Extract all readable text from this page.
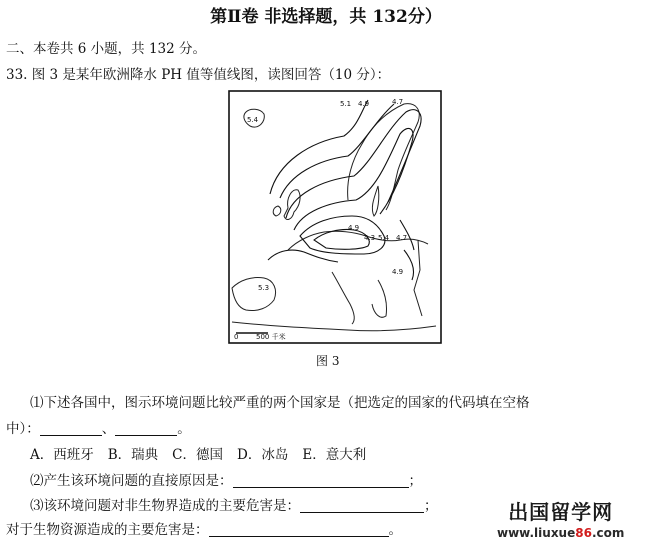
第Ⅱ卷 非选择题，共 132分）
二、本卷共 6 小题，共 132 分。
33. 图 3 是某年欧洲降水 PH 值等值线图，读图回答（10 分）：
5.1 4.9	4.7
5.4
4.9
4.3 5.4 4.7
4.9
5.3
0	500 千米
图 3
⑴下述各国中，图示环境问题比较严重的两个国家是（把选定的国家的代码填在空格
中）：	、	。
A．西班牙 B．瑞典 C．德国 D．冰岛 E．意大利
⑵产生该环境问题的直接原因是：	；
⑶该环境问题对非生物界造成的主要危害是：	；
对于生物资源造成的主要危害是：	。
出国留学网
www.liuxue86.com
